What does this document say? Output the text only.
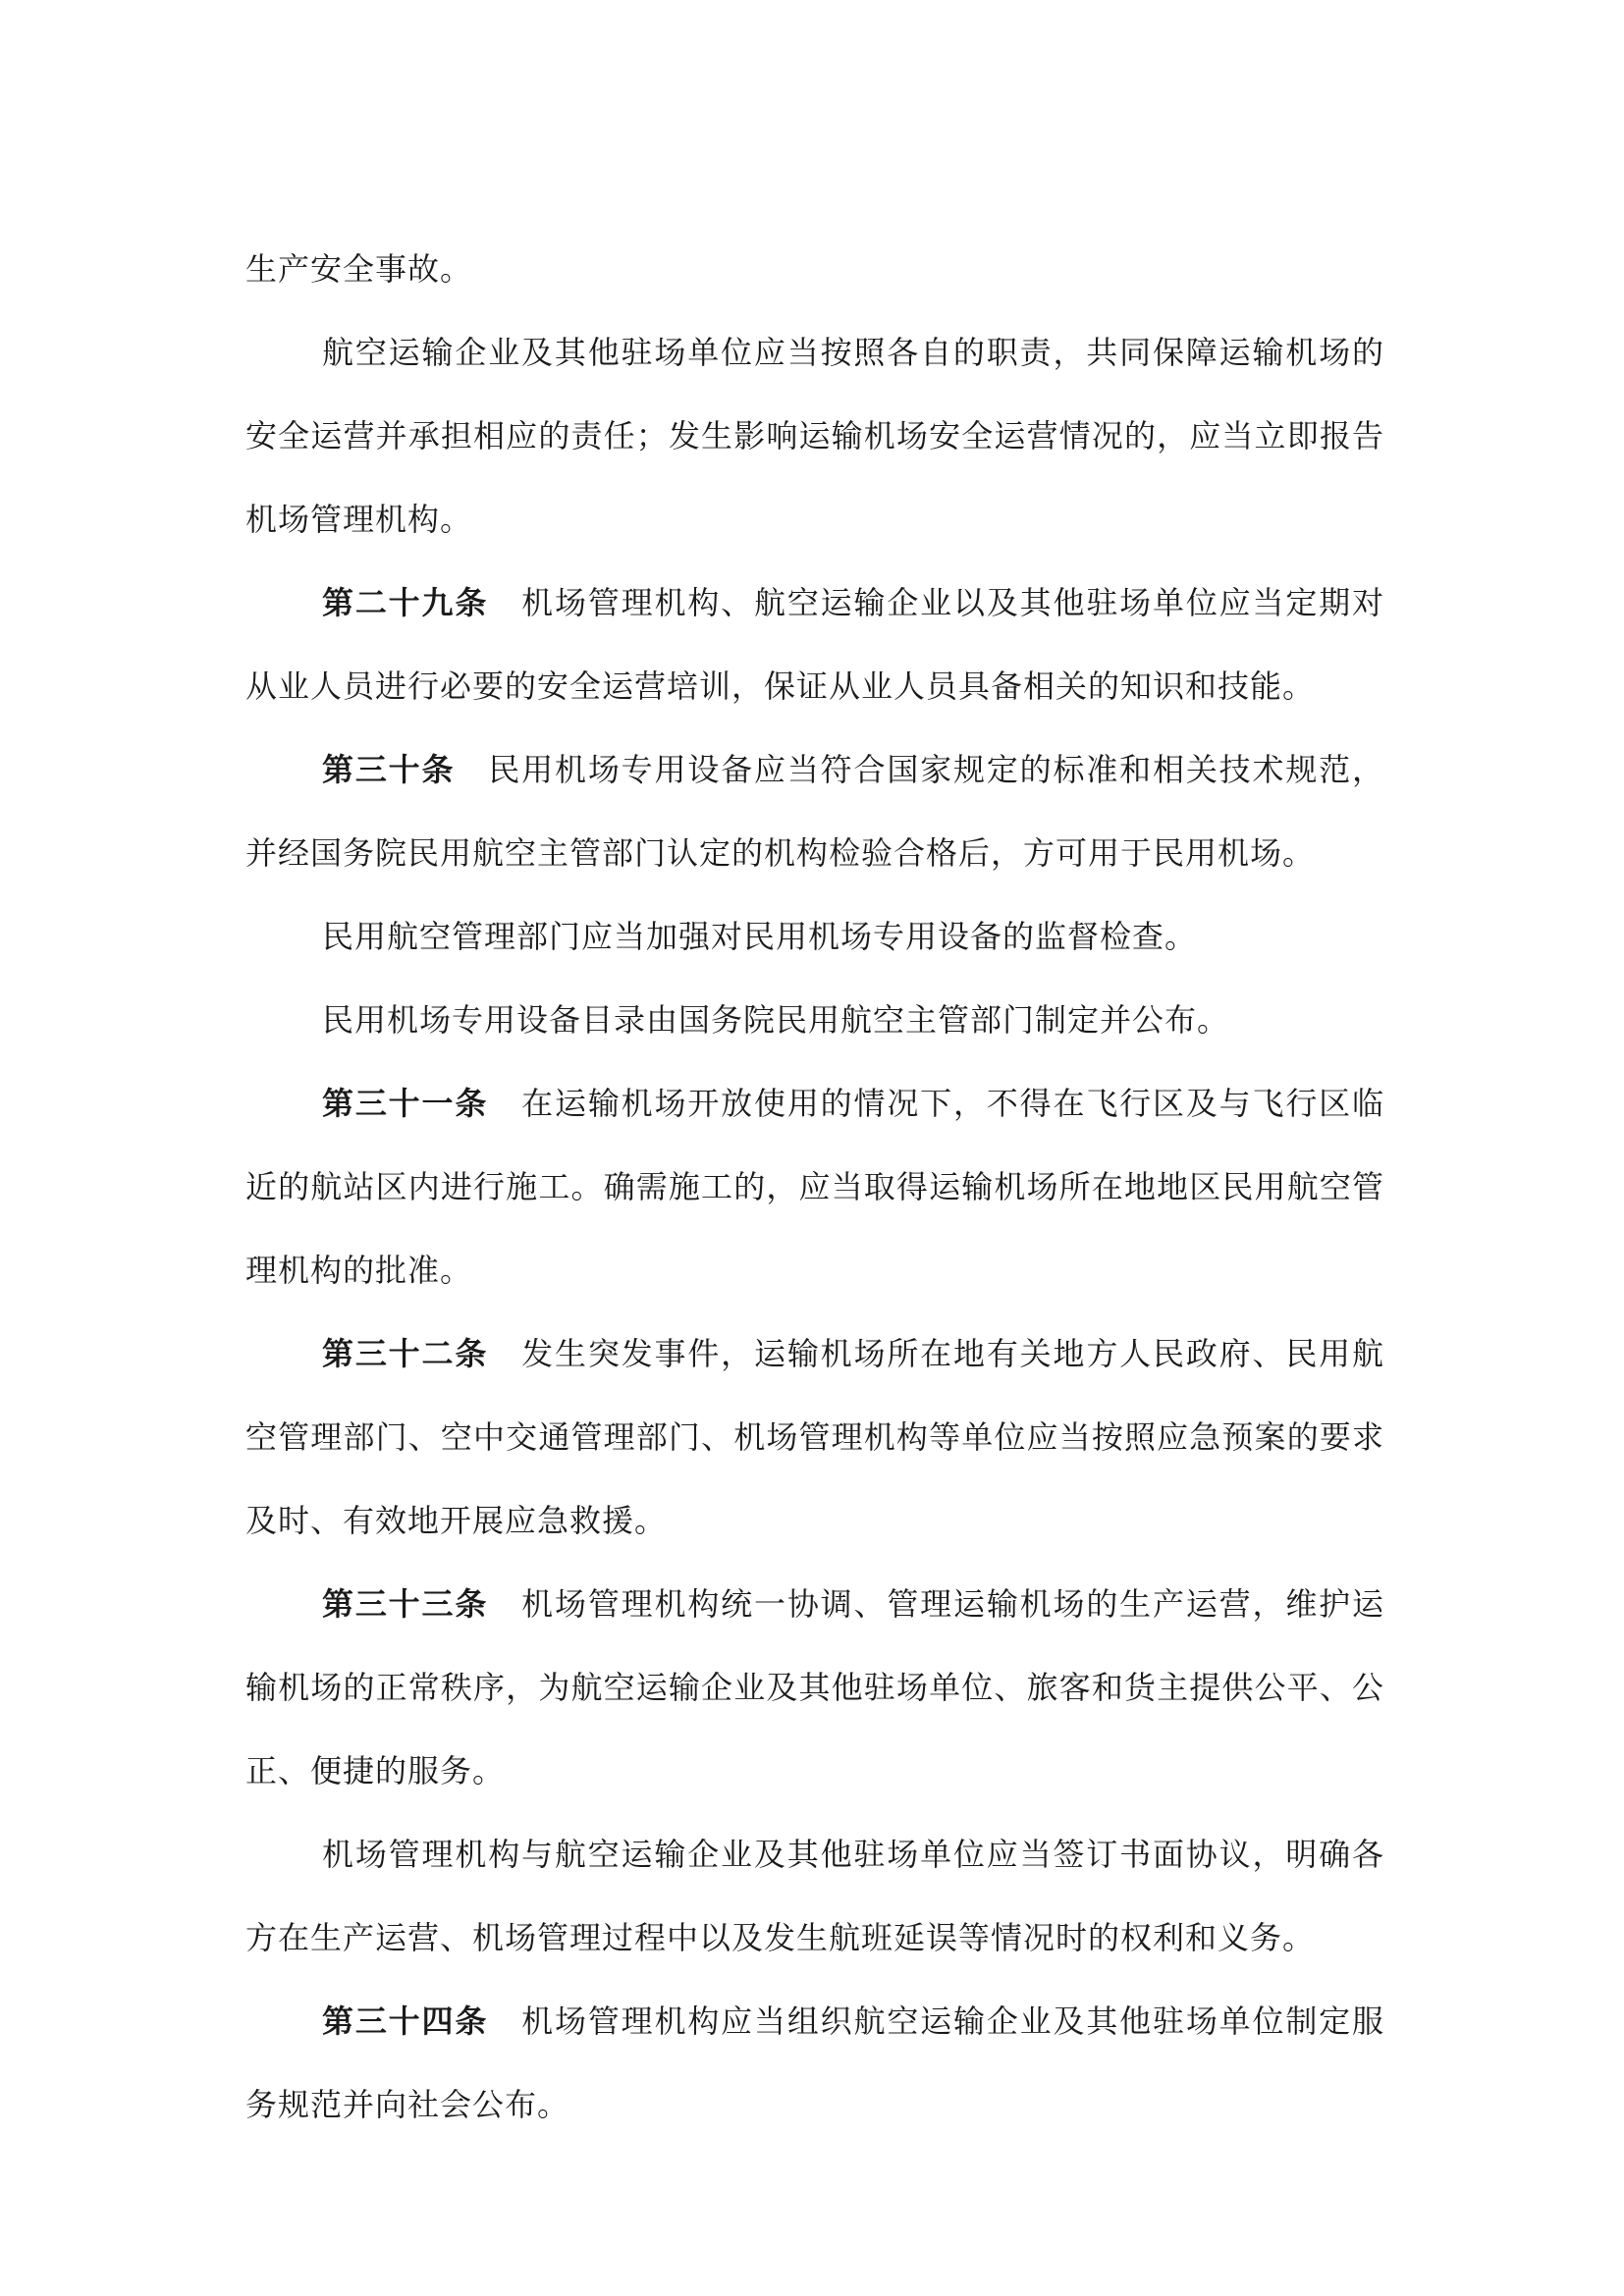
生产安全事故。

航空运输企业及其他驻场单位应当按照各自的职责，共同保障运输机场的安全运营并承担相应的责任；发生影响运输机场安全运营情况的，应当立即报告机场管理机构。

第二十九条 机场管理机构、航空运输企业以及其他驻场单位应当定期对从业人员进行必要的安全运营培训，保证从业人员具备相关的知识和技能。

第三十条 民用机场专用设备应当符合国家规定的标准和相关技术规范，并经国务院民用航空主管部门认定的机构检验合格后，方可用于民用机场。

民用航空管理部门应当加强对民用机场专用设备的监督检查。

民用机场专用设备目录由国务院民用航空主管部门制定并公布。

第三十一条 在运输机场开放使用的情况下，不得在飞行区及与飞行区临近的航站区内进行施工。确需施工的，应当取得运输机场所在地地区民用航空管理机构的批准。

第三十二条 发生突发事件，运输机场所在地有关地方人民政府、民用航空管理部门、空中交通管理部门、机场管理机构等单位应当按照应急预案的要求及时、有效地开展应急救援。

第三十三条 机场管理机构统一协调、管理运输机场的生产运营，维护运输机场的正常秩序，为航空运输企业及其他驻场单位、旅客和货主提供公平、公正、便捷的服务。

机场管理机构与航空运输企业及其他驻场单位应当签订书面协议，明确各方在生产运营、机场管理过程中以及发生航班延误等情况时的权利和义务。

第三十四条 机场管理机构应当组织航空运输企业及其他驻场单位制定服务规范并向社会公布。
